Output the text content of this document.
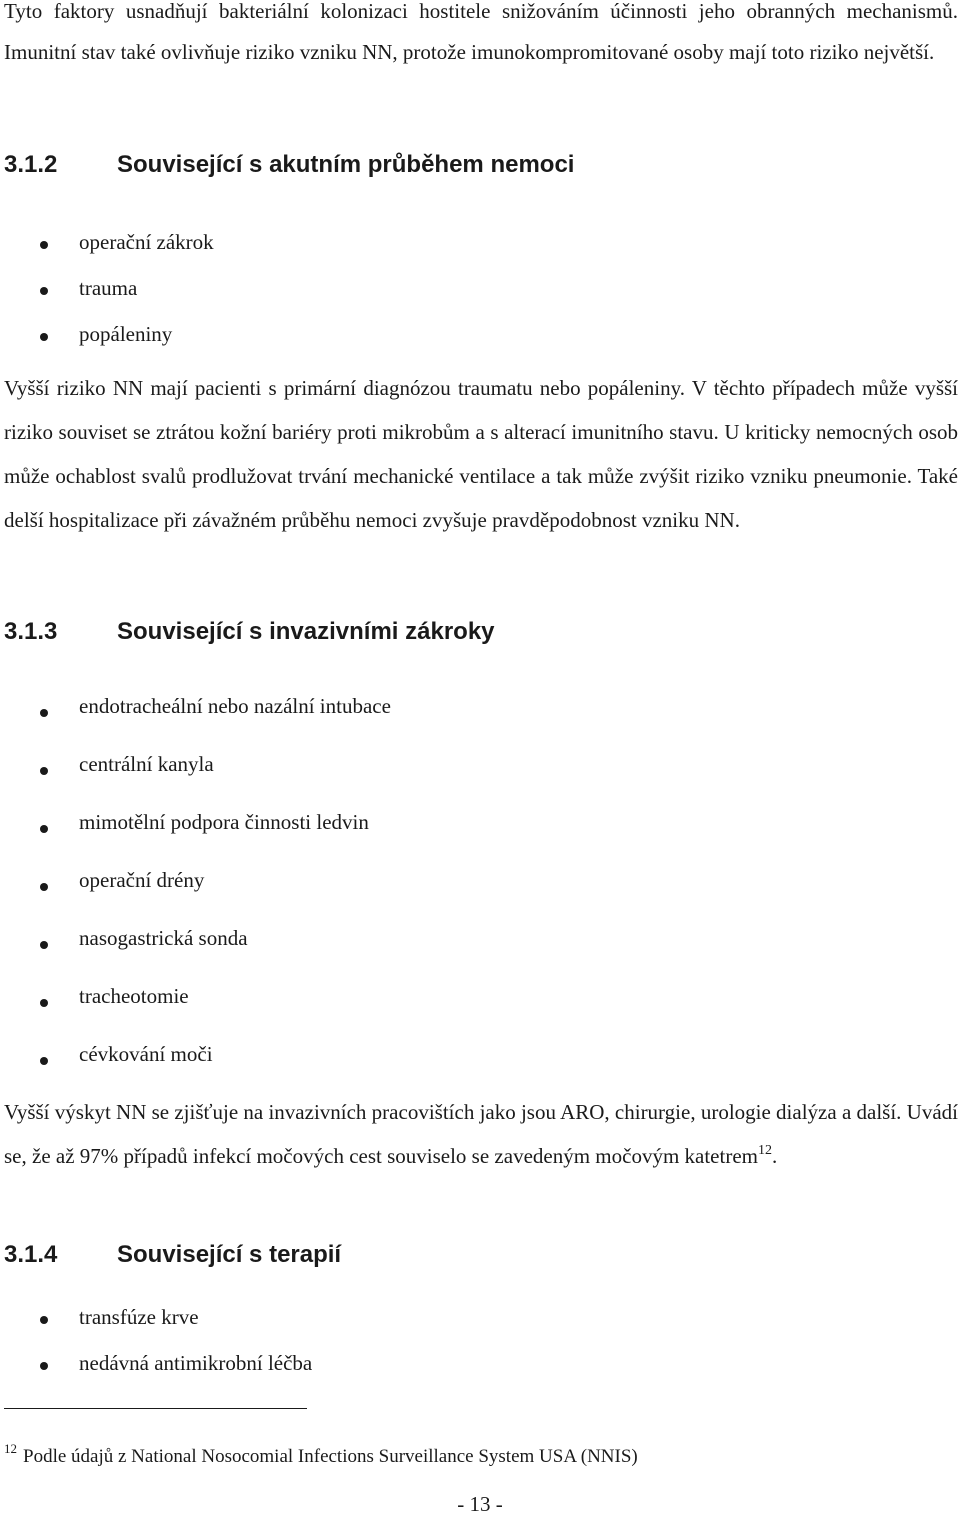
Tyto faktory usnadňují bakteriální kolonizaci hostitele snižováním účinnosti jeho obranných mechanismů. Imunitní stav také ovlivňuje riziko vzniku NN, protože imunokompromitované osoby mají toto riziko největší.

3.1.2 Související s akutním průběhem nemoci
operační zákrok
trauma
popáleniny

Vyšší riziko NN mají pacienti s primární diagnózou traumatu nebo popáleniny. V těchto případech může vyšší riziko souviset se ztrátou kožní bariéry proti mikrobům a s alterací imunitního stavu. U kriticky nemocných osob může ochablost svalů prodlužovat trvání mechanické ventilace a tak může zvýšit riziko vzniku pneumonie. Také delší hospitalizace při závažném průběhu nemoci zvyšuje pravděpodobnost vzniku NN.

3.1.3 Související s invazivními zákroky
endotracheální nebo nazální intubace
centrální kanyla
mimotělní podpora činnosti ledvin
operační drény
nasogastrická sonda
tracheotomie
cévkování moči

Vyšší výskyt NN se zjišťuje na invazivních pracovištích jako jsou ARO, chirurgie, urologie dialýza a další. Uvádí se, že až 97% případů infekcí močových cest souviselo se zavedeným močovým katetrem$^{12}$.

3.1.4 Související s terapií
transfúze krve
nedávná antimikrobní léčba
$^{12}$ Podle údajů z National Nosocomial Infections Surveillance System USA (NNIS)
- 13 -
